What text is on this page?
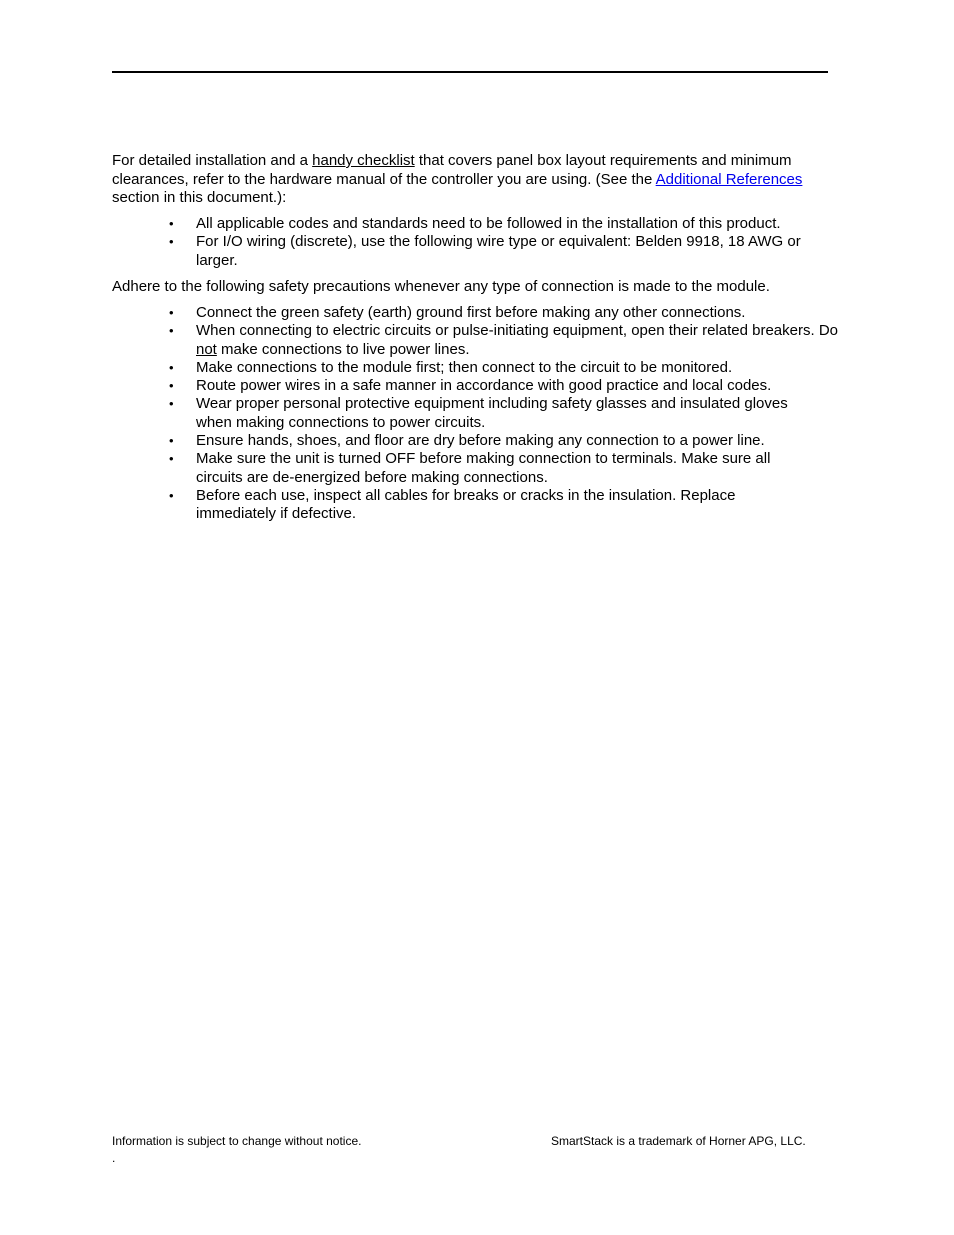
For detailed installation and a handy checklist that covers panel box layout requirements and minimum clearances, refer to the hardware manual of the controller you are using. (See the Additional References section in this document.):

• All applicable codes and standards need to be followed in the installation of this product.
• For I/O wiring (discrete), use the following wire type or equivalent: Belden 9918, 18 AWG or larger.

Adhere to the following safety precautions whenever any type of connection is made to the module.

• Connect the green safety (earth) ground first before making any other connections.
• When connecting to electric circuits or pulse-initiating equipment, open their related breakers. Do not make connections to live power lines.
• Make connections to the module first; then connect to the circuit to be monitored.
• Route power wires in a safe manner in accordance with good practice and local codes.
• Wear proper personal protective equipment including safety glasses and insulated gloves when making connections to power circuits.
• Ensure hands, shoes, and floor are dry before making any connection to a power line.
• Make sure the unit is turned OFF before making connection to terminals. Make sure all circuits are de-energized before making connections.
• Before each use, inspect all cables for breaks or cracks in the insulation. Replace immediately if defective.
Information is subject to change without notice.	SmartStack is a trademark of Horner APG, LLC.
.
